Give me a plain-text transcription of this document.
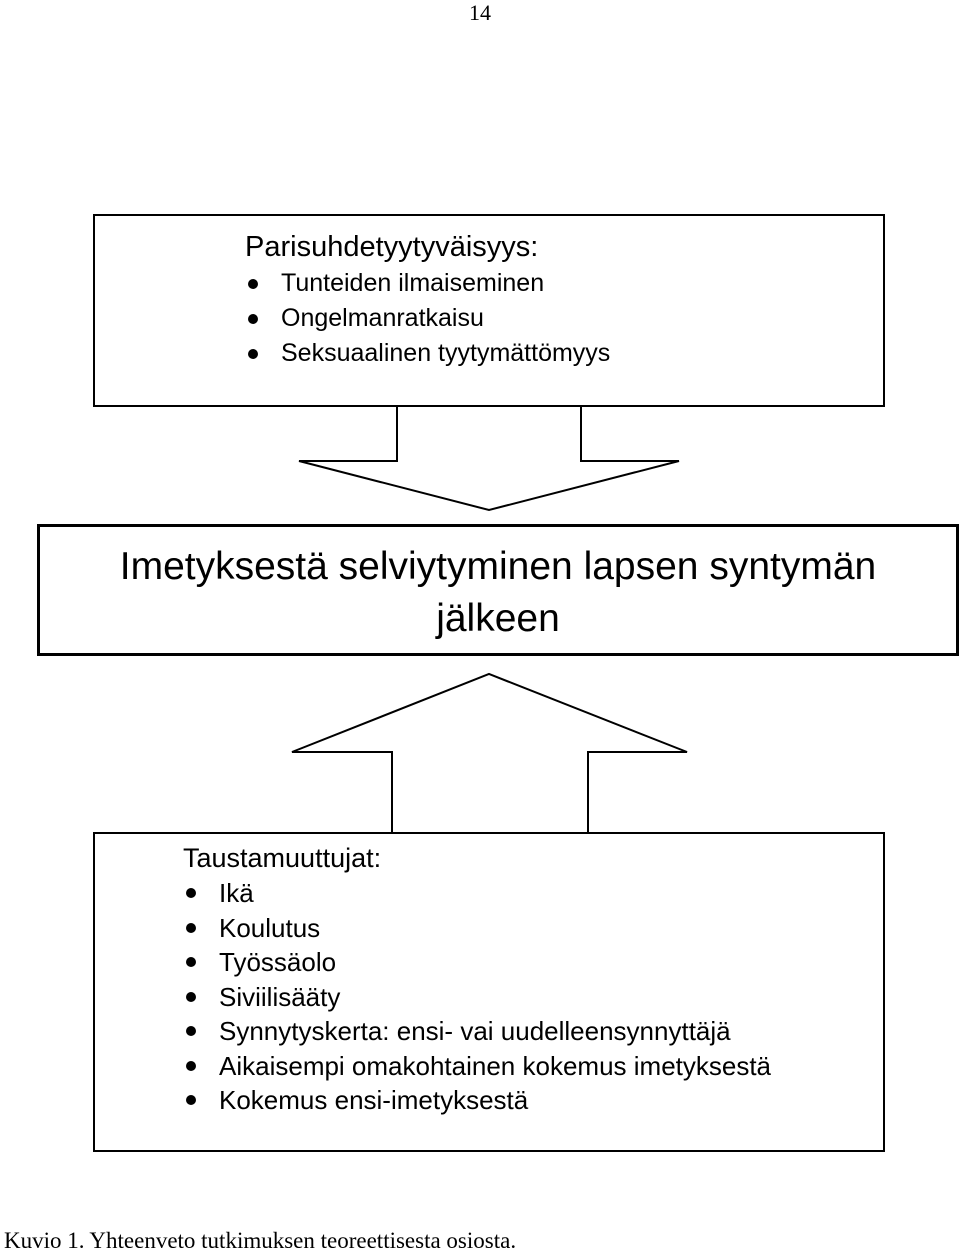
14
Parisuhdetyytyväisyys:
Tunteiden ilmaiseminen
Ongelmanratkaisu
Seksuaalinen tyytymättömyys
Imetyksestä selviytyminen lapsen syntymän
jälkeen
Taustamuuttujat:
Ikä
Koulutus
Työssäolo
Siviilisääty
Synnytyskerta: ensi- vai uudelleensynnyttäjä
Aikaisempi omakohtainen kokemus imetyksestä
Kokemus ensi-imetyksestä
Kuvio 1. Yhteenveto tutkimuksen teoreettisesta osiosta.
